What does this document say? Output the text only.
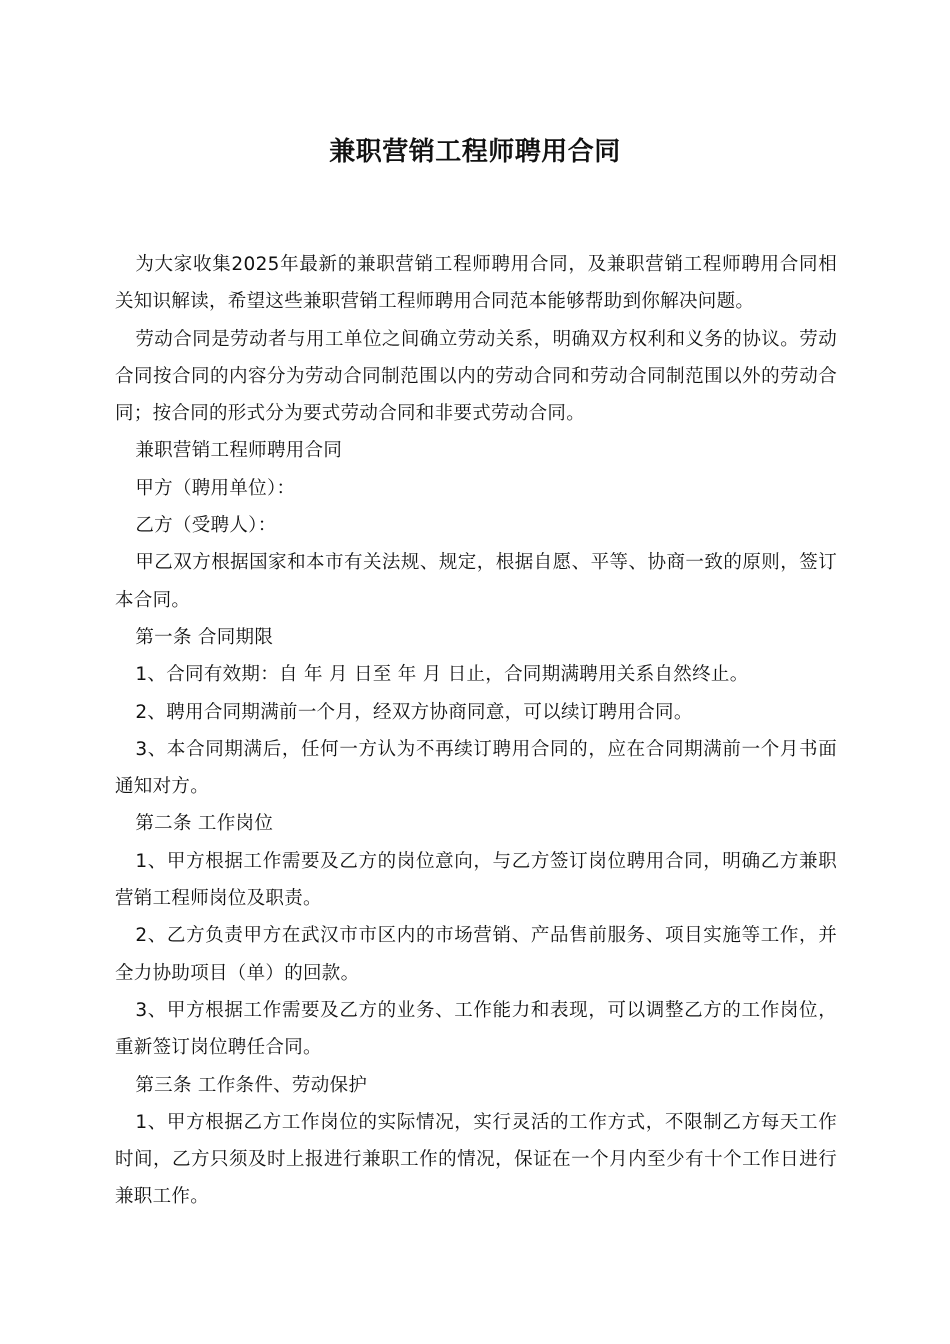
兼职营销工程师聘用合同

为大家收集2025年最新的兼职营销工程师聘用合同，及兼职营销工程师聘用合同相关知识解读，希望这些兼职营销工程师聘用合同范本能够帮助到你解决问题。

劳动合同是劳动者与用工单位之间确立劳动关系，明确双方权利和义务的协议。劳动合同按合同的内容分为劳动合同制范围以内的劳动合同和劳动合同制范围以外的劳动合同；按合同的形式分为要式劳动合同和非要式劳动合同。

兼职营销工程师聘用合同

甲方（聘用单位）：

乙方（受聘人）：

甲乙双方根据国家和本市有关法规、规定，根据自愿、平等、协商一致的原则，签订本合同。

第一条 合同期限

1、合同有效期：自 年 月 日至 年 月 日止，合同期满聘用关系自然终止。

2、聘用合同期满前一个月，经双方协商同意，可以续订聘用合同。

3、本合同期满后，任何一方认为不再续订聘用合同的，应在合同期满前一个月书面通知对方。

第二条 工作岗位

1、甲方根据工作需要及乙方的岗位意向，与乙方签订岗位聘用合同，明确乙方兼职营销工程师岗位及职责。

2、乙方负责甲方在武汉市市区内的市场营销、产品售前服务、项目实施等工作，并全力协助项目（单）的回款。

3、甲方根据工作需要及乙方的业务、工作能力和表现，可以调整乙方的工作岗位，重新签订岗位聘任合同。

第三条 工作条件、劳动保护

1、甲方根据乙方工作岗位的实际情况，实行灵活的工作方式，不限制乙方每天工作时间，乙方只须及时上报进行兼职工作的情况，保证在一个月内至少有十个工作日进行兼职工作。
